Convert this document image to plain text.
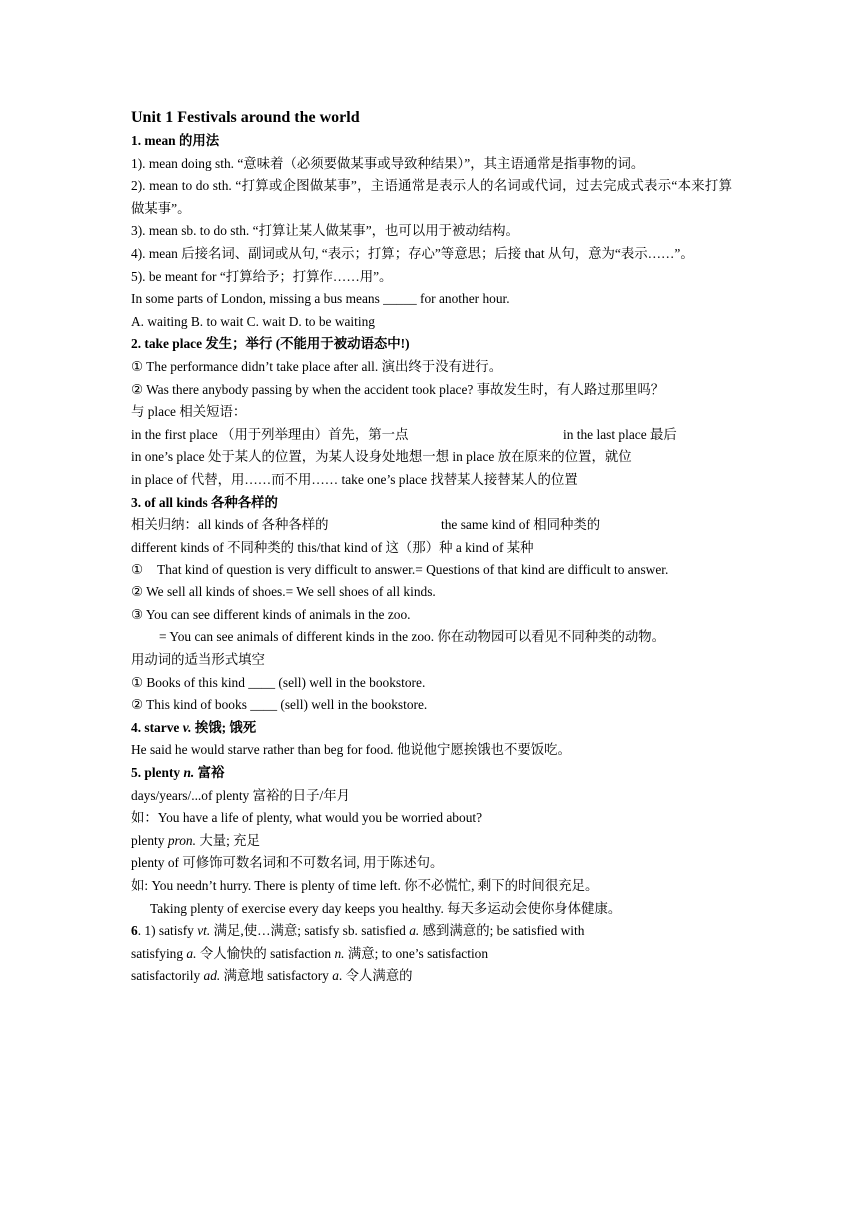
Unit 1 Festivals around the world
1. mean 的用法
1). mean doing sth. “意味着（必须要做某事或导致种结果）”，其主语通常是指事物的词。
2). mean to do sth. “打算或企图做某事”，主语通常是表示人的名词或代词，过去完成式表示“本来打算做某事”。
3). mean sb. to do sth. “打算让某人做某事”，也可以用于被动结构。
4). mean 后接名词、副词或从句, “表示；打算；存心”等意思；后接 that 从句，意为“表示……”。
5). be meant for “打算给予；打算作……用”。
In some parts of London, missing a bus means _____ for another hour.
A. waiting B. to wait C. wait D. to be waiting
2. take place 发生；举行 (不能用于被动语态中!)
① The performance didn’t take place after all. 演出终于没有进行。
② Was there anybody passing by when the accident took place? 事故发生时，有人路过那里吗？
与 place 相关短语：
in the first place （用于列举理由）首先，第一点	in the last place 最后
in one’s place 处于某人的位置，为某人设身处地想一想 in place 放在原来的位置，就位
in place of 代替，用……而不用…… take one’s place 找替某人接替某人的位置
3. of all kinds 各种各样的
相关归纳：all kinds of 各种各样的	the same kind of 相同种类的
different kinds of 不同种类的 this/that kind of 这（那）种 a kind of 某种
①	That kind of question is very difficult to answer.= Questions of that kind are difficult to answer.
② We sell all kinds of shoes.= We sell shoes of all kinds.
③ You can see different kinds of animals in the zoo.
= You can see animals of different kinds in the zoo. 你在动物园可以看见不同种类的动物。
用动词的适当形式填空
① Books of this kind ____ (sell) well in the bookstore.
② This kind of books ____ (sell) well in the bookstore.
4. starve v. 挨饿; 饿死
He said he would starve rather than beg for food. 他说他宁愿挨饿也不要饭吃。
5. plenty n. 富裕
days/years/...of plenty 富裕的日子/年月
如：You have a life of plenty, what would you be worried about?
plenty pron. 大量; 充足
plenty of 可修饰可数名词和不可数名词, 用于陈述句。
如: You needn’t hurry. There is plenty of time left. 你不必慌忙, 剩下的时间很充足。
Taking plenty of exercise every day keeps you healthy. 每天多运动会使你身体健康。
6. 1) satisfy vt. 满足,使…满意; satisfy sb. satisfied a. 感到满意的; be satisfied with
satisfying a. 令人愉快的 satisfaction n. 满意; to one’s satisfaction
satisfactorily ad. 满意地 satisfactory a. 令人满意的
